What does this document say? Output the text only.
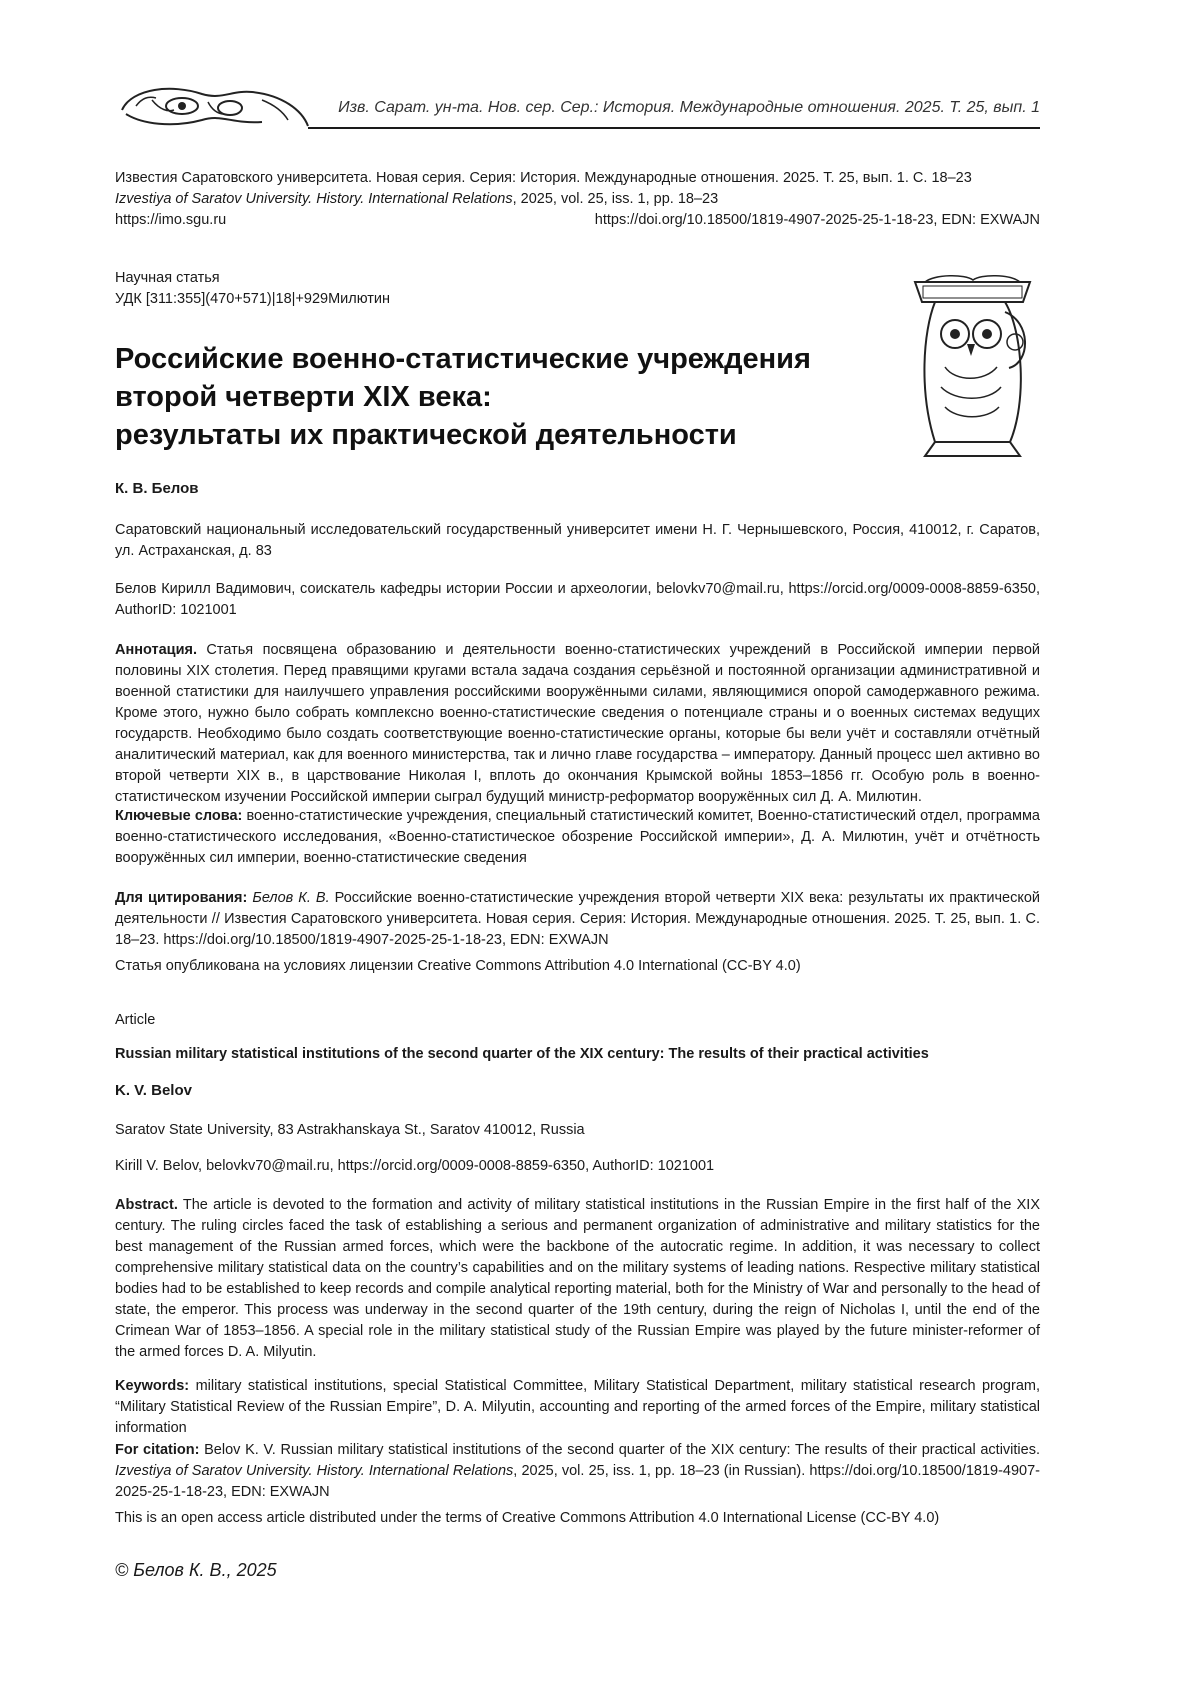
Изв. Сарат. ун-та. Нов. сер. Сер.: История. Международные отношения. 2025. Т. 25, вып. 1
Известия Саратовского университета. Новая серия. Серия: История. Международные отношения. 2025. Т. 25, вып. 1. С. 18–23
Izvestiya of Saratov University. History. International Relations, 2025, vol. 25, iss. 1, pp. 18–23
https://imo.sgu.ru	https://doi.org/10.18500/1819-4907-2025-25-1-18-23, EDN: EXWAJN
Научная статья
УДК [311:355](470+571)|18|+929Милютин
Российские военно-статистические учреждения
второй четверти XIX века:
результаты их практической деятельности
К. В. Белов
Саратовский национальный исследовательский государственный университет имени Н. Г. Чернышевского, Россия, 410012, г. Саратов, ул. Астраханская, д. 83
Белов Кирилл Вадимович, соискатель кафедры истории России и археологии, belovkv70@mail.ru, https://orcid.org/0009-0008-8859-6350, AuthorID: 1021001
Аннотация. Статья посвящена образованию и деятельности военно-статистических учреждений в Российской империи первой половины XIX столетия. Перед правящими кругами встала задача создания серьёзной и постоянной организации административной и военной статистики для наилучшего управления российскими вооружёнными силами, являющимися опорой самодержавного режима. Кроме этого, нужно было собрать комплексно военно-статистические сведения о потенциале страны и о военных системах ведущих государств. Необходимо было создать соответствующие военно-статистические органы, которые бы вели учёт и составляли отчётный аналитический материал, как для военного министерства, так и лично главе государства – императору. Данный процесс шел активно во второй четверти XIX в., в царствование Николая I, вплоть до окончания Крымской войны 1853–1856 гг. Особую роль в военно-статистическом изучении Российской империи сыграл будущий министр-реформатор вооружённых сил Д. А. Милютин.
Ключевые слова: военно-статистические учреждения, специальный статистический комитет, Военно-статистический отдел, программа военно-статистического исследования, «Военно-статистическое обозрение Российской империи», Д. А. Милютин, учёт и отчётность вооружённых сил империи, военно-статистические сведения
Для цитирования: Белов К. В. Российские военно-статистические учреждения второй четверти XIX века: результаты их практической деятельности // Известия Саратовского университета. Новая серия. Серия: История. Международные отношения. 2025. Т. 25, вып. 1. С. 18–23. https://doi.org/10.18500/1819-4907-2025-25-1-18-23, EDN: EXWAJN
Статья опубликована на условиях лицензии Creative Commons Attribution 4.0 International (CC-BY 4.0)
Article
Russian military statistical institutions of the second quarter of the XIX century: The results of their practical activities
K. V. Belov
Saratov State University, 83 Astrakhanskaya St., Saratov 410012, Russia
Kirill V. Belov, belovkv70@mail.ru, https://orcid.org/0009-0008-8859-6350, AuthorID: 1021001
Abstract. The article is devoted to the formation and activity of military statistical institutions in the Russian Empire in the first half of the XIX century. The ruling circles faced the task of establishing a serious and permanent organization of administrative and military statistics for the best management of the Russian armed forces, which were the backbone of the autocratic regime. In addition, it was necessary to collect comprehensive military statistical data on the country’s capabilities and on the military systems of leading nations. Respective military statistical bodies had to be established to keep records and compile analytical reporting material, both for the Ministry of War and personally to the head of state, the emperor. This process was underway in the second quarter of the 19th century, during the reign of Nicholas I, until the end of the Crimean War of 1853–1856. A special role in the military statistical study of the Russian Empire was played by the future minister-reformer of the armed forces D. A. Milyutin.
Keywords: military statistical institutions, special Statistical Committee, Military Statistical Department, military statistical research program, “Military Statistical Review of the Russian Empire”, D. A. Milyutin, accounting and reporting of the armed forces of the Empire, military statistical information
For citation: Belov K. V. Russian military statistical institutions of the second quarter of the XIX century: The results of their practical activities. Izvestiya of Saratov University. History. International Relations, 2025, vol. 25, iss. 1, pp. 18–23 (in Russian). https://doi.org/10.18500/1819-4907-2025-25-1-18-23, EDN: EXWAJN
This is an open access article distributed under the terms of Creative Commons Attribution 4.0 International License (CC-BY 4.0)
© Белов К. В., 2025
